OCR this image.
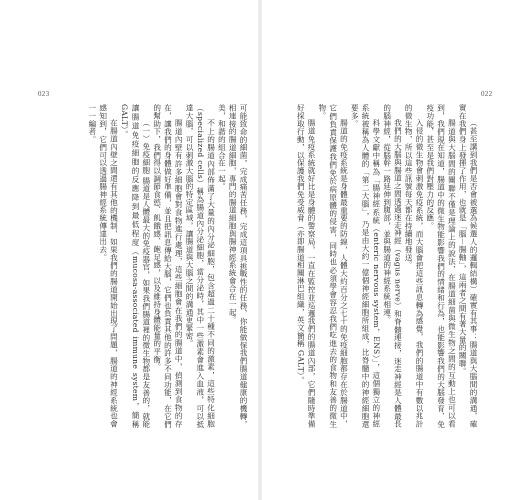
023	022

可能致命的細菌，完成痛苦任務，完成這項具挑戰性的任務，你能做保我們腸道健康的機轉，相連接的腸道細胞，專門的腸道細胞與腸神經系統會合在一起。

美，和諧的組合在一起。

不上的腸道內部佈滿了大量的內分泌細胞，包含超過二十種不同的激素，這些特化細胞（specialized cells）稱為腸道內分泌細胞，當分泌時，其中一些激素會進入血液，可以抵達大腦，可以刺激大腦的特定區域，讓腸道與大腦之間的溝通更緊密。

腸道內壁有許多細胞會對食物進行處理，這些細胞會在我們的腸道中，偵測到食物的存在，讓我們的身體做好準備，並且把訊息傳給大腦，它們也負責其他的許多不同功能，在它們的幫助下，我們得以調節食慾、飢餓感、飽足感，以及維持身體能量的平衡。

（一）免疫細胞 腸道是人體最大的免疫器官，如果我們腸道裡的微生物都是友善的，就能讓腸道免疫細胞的反應降到最低程度（mucosa-associated immune system，簡稱 GALT）。

在腸道內壁之間還有其他的機制，如果我們的腸道開始出現了問題，腸道的神經系統也會感知到，它們可以透過腸神經系統傳達出去。

一一編者。	（甚至講到我們是否會被選為候選人的邏輯結構）確實有其事：腸道與大腦間的溝通，確實在我們身上發揮了作用，也就是「腦－腸軸」，這兩者之間有著大量的關聯。

腸道與大腦間的關聯不僅是理論上的說法，在腸道細菌與微生物之間的互動上也可以看到，我們現在知道，腸道中的微生物能影響我們的情緒和行為，也能影響我們的大腦發育、免疫功能，甚至是我們對壓力的反應。

入侵的微生物會刺激免疫系統，而大腦會把這些訊息轉為感覺，我們的腸道中有數以兆計的微生物，所以這些訊號每天都在持續地發送。

我們的大腦與腸道之間透過迷走神經（vagus nerve）和脊髓連接，迷走神經是人體最長的腦神經，從腦幹一路延伸到腹部，並與腸道的神經系統相連。

科學文獻中稱為「腸神經系統（enteric nervous system，ENS）」，這個獨立的神經系統被稱為人體的「第二大腦」，乃是由大約一億個神經細胞所組成，比脊髓中的神經細胞還要多。

腸道的免疫系統是身體最重要的防線，人體大約百分之七十的免疫細胞都存在於腸道中，它們負責保護我們免於病原體的侵害，同時也必須學會容忍我們吃進去的食物和友善的微生物。

腸道免疫系統就好比是身體的警察局，一直在監控並巡邏我們的腸道內部，它們隨時準備好採取行動，以保護我們免受威脅（亦即腸道相關淋巴組織，英文簡稱 GALT）。
